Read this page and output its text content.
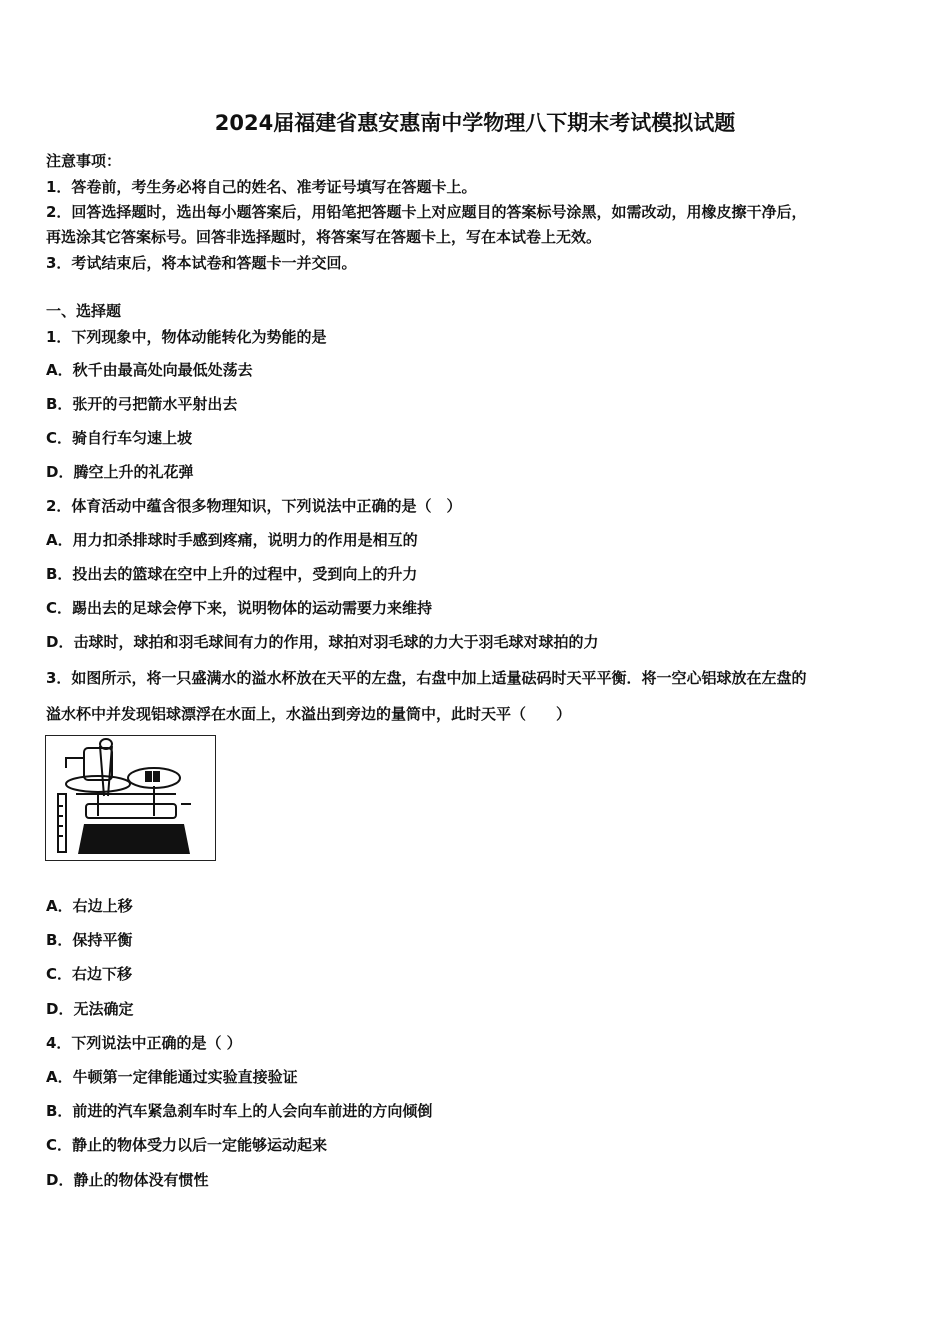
2024届福建省惠安惠南中学物理八下期末考试模拟试题
注意事项：
1．答卷前，考生务必将自己的姓名、准考证号填写在答题卡上。
2．回答选择题时，选出每小题答案后，用铅笔把答题卡上对应题目的答案标号涂黑，如需改动，用橡皮擦干净后，
再选涂其它答案标号。回答非选择题时，将答案写在答题卡上，写在本试卷上无效。
3．考试结束后，将本试卷和答题卡一并交回。
一、选择题
1．下列现象中，物体动能转化为势能的是
A．秋千由最高处向最低处荡去
B．张开的弓把箭水平射出去
C．骑自行车匀速上坡
D．腾空上升的礼花弹
2．体育活动中蕴含很多物理知识，下列说法中正确的是（　）
A．用力扣杀排球时手感到疼痛，说明力的作用是相互的
B．投出去的篮球在空中上升的过程中，受到向上的升力
C．踢出去的足球会停下来，说明物体的运动需要力来维持
D．击球时，球拍和羽毛球间有力的作用，球拍对羽毛球的力大于羽毛球对球拍的力
3．如图所示，将一只盛满水的溢水杯放在天平的左盘，右盘中加上适量砝码时天平平衡．将一空心铝球放在左盘的
溢水杯中并发现铝球漂浮在水面上，水溢出到旁边的量筒中，此时天平（　　）
A．右边上移
B．保持平衡
C．右边下移
D．无法确定
4．下列说法中正确的是（ ）
A．牛顿第一定律能通过实验直接验证
B．前进的汽车紧急刹车时车上的人会向车前进的方向倾倒
C．静止的物体受力以后一定能够运动起来
D．静止的物体没有惯性
